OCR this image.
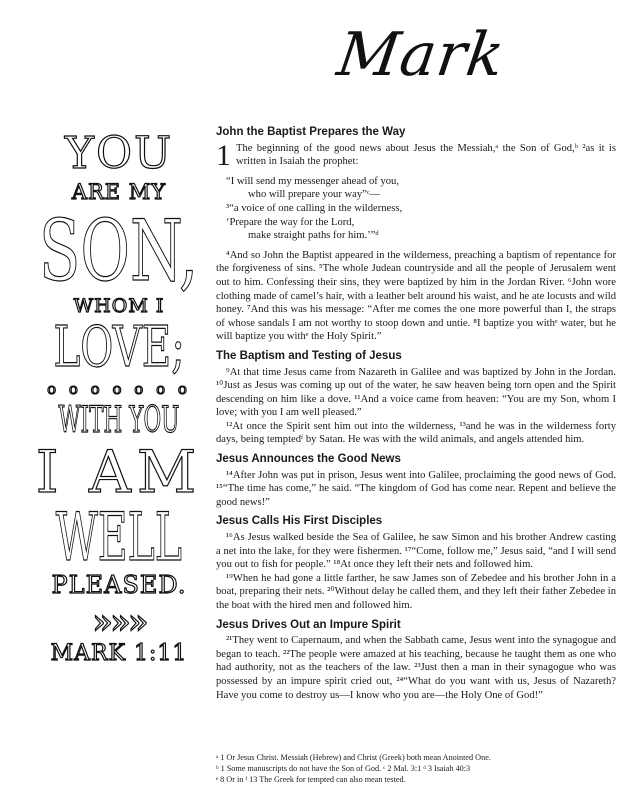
Mark
YOU
ARE MY
SON,
WHOM I
LOVE;
o o o o o o o
WITH YOU
I AM
WELL
PLEASED.
»»»
MARK 1:11
John the Baptist Prepares the Way
1 The beginning of the good news about Jesus the Messiah,ᵃ the Son of God,ᵇ ²as it is written in Isaiah the prophet:
“I will send my messenger ahead of you,
who will prepare your way”ᶜ—
³“a voice of one calling in the wilderness,
‘Prepare the way for the Lord,
make straight paths for him.’”ᵈ
⁴And so John the Baptist appeared in the wilderness, preaching a baptism of repentance for the forgiveness of sins. ⁵The whole Judean countryside and all the people of Jerusalem went out to him. Confessing their sins, they were baptized by him in the Jordan River. ⁶John wore clothing made of camel’s hair, with a leather belt around his waist, and he ate locusts and wild honey. ⁷And this was his message: “After me comes the one more powerful than I, the straps of whose sandals I am not worthy to stoop down and untie. ⁸I baptize you withᵉ water, but he will baptize you withᵉ the Holy Spirit.”
The Baptism and Testing of Jesus
⁹At that time Jesus came from Nazareth in Galilee and was baptized by John in the Jordan. ¹⁰Just as Jesus was coming up out of the water, he saw heaven being torn open and the Spirit descending on him like a dove. ¹¹And a voice came from heaven: “You are my Son, whom I love; with you I am well pleased.”
¹²At once the Spirit sent him out into the wilderness, ¹³and he was in the wilderness forty days, being temptedᶠ by Satan. He was with the wild animals, and angels attended him.
Jesus Announces the Good News
¹⁴After John was put in prison, Jesus went into Galilee, proclaiming the good news of God. ¹⁵“The time has come,” he said. “The kingdom of God has come near. Repent and believe the good news!”
Jesus Calls His First Disciples
¹⁶As Jesus walked beside the Sea of Galilee, he saw Simon and his brother Andrew casting a net into the lake, for they were fishermen. ¹⁷“Come, follow me,” Jesus said, “and I will send you out to fish for people.” ¹⁸At once they left their nets and followed him.
¹⁹When he had gone a little farther, he saw James son of Zebedee and his brother John in a boat, preparing their nets. ²⁰Without delay he called them, and they left their father Zebedee in the boat with the hired men and followed him.
Jesus Drives Out an Impure Spirit
²¹They went to Capernaum, and when the Sabbath came, Jesus went into the synagogue and began to teach. ²²The people were amazed at his teaching, because he taught them as one who had authority, not as the teachers of the law. ²³Just then a man in their synagogue who was possessed by an impure spirit cried out, ²⁴“What do you want with us, Jesus of Nazareth? Have you come to destroy us—I know who you are—the Holy One of God!”
ᵃ 1 Or Jesus Christ. Messiah (Hebrew) and Christ (Greek) both mean Anointed One.
ᵇ 1 Some manuscripts do not have the Son of God. ᶜ 2 Mal. 3:1 ᵈ 3 Isaiah 40:3
ᵉ 8 Or in ᶠ 13 The Greek for tempted can also mean tested.
